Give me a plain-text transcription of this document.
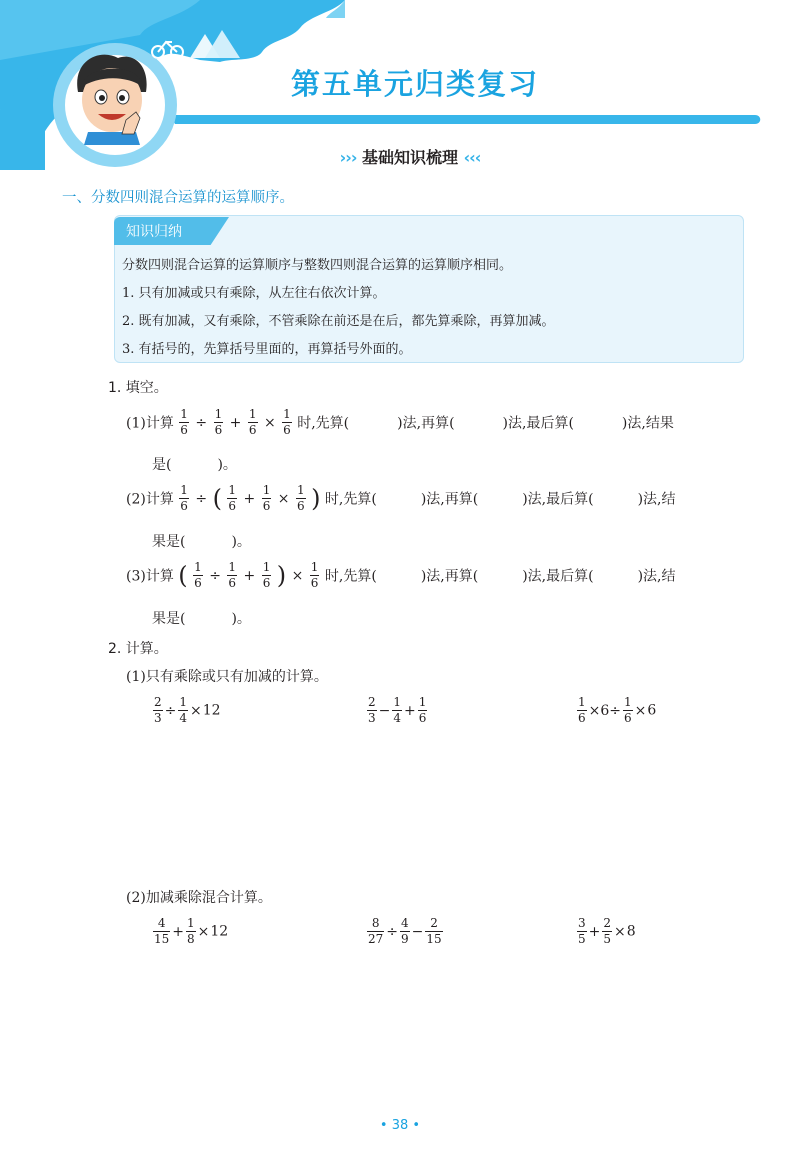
第五单元归类复习
››› 基础知识梳理 ‹‹‹
一、分数四则混合运算的运算顺序。
知识归纳
分数四则混合运算的运算顺序与整数四则混合运算的运算顺序相同。
1. 只有加减或只有乘除，从左往右依次计算。
2. 既有加减，又有乘除，不管乘除在前还是在后，都先算乘除，再算加减。
3. 有括号的，先算括号里面的，再算括号外面的。
1. 填空。
(1)计算 $\frac{1}{6} \div \frac{1}{6} + \frac{1}{6} \times \frac{1}{6}$ 时,先算(	)法,再算(	)法,最后算(	)法,结果
是(	)。
(2)计算 $\frac{1}{6}$ ÷ ( $\frac{1}{6} + \frac{1}{6} \times \frac{1}{6}$ ) 时,先算(	)法,再算(	)法,最后算(	)法,结
果是(	)。
(3)计算 ( $\frac{1}{6} \div \frac{1}{6} + \frac{1}{6}$ ) × $\frac{1}{6}$ 时,先算(	)法,再算(	)法,最后算(	)法,结
果是(	)。
2. 计算。
(1)只有乘除或只有加减的计算。
$\frac{2}{3} \div \frac{1}{4} \times 12$	$\frac{2}{3} - \frac{1}{4} + \frac{1}{6}$	$\frac{1}{6} \times 6\div \frac{1}{6} \times 6$
(2)加减乘除混合计算。
$\frac{4}{15} + \frac{1}{8} \times 12$	$\frac{8}{27} \div \frac{4}{9} - \frac{2}{15}$	$\frac{3}{5} + \frac{2}{5} \times 8$
• 38 •
